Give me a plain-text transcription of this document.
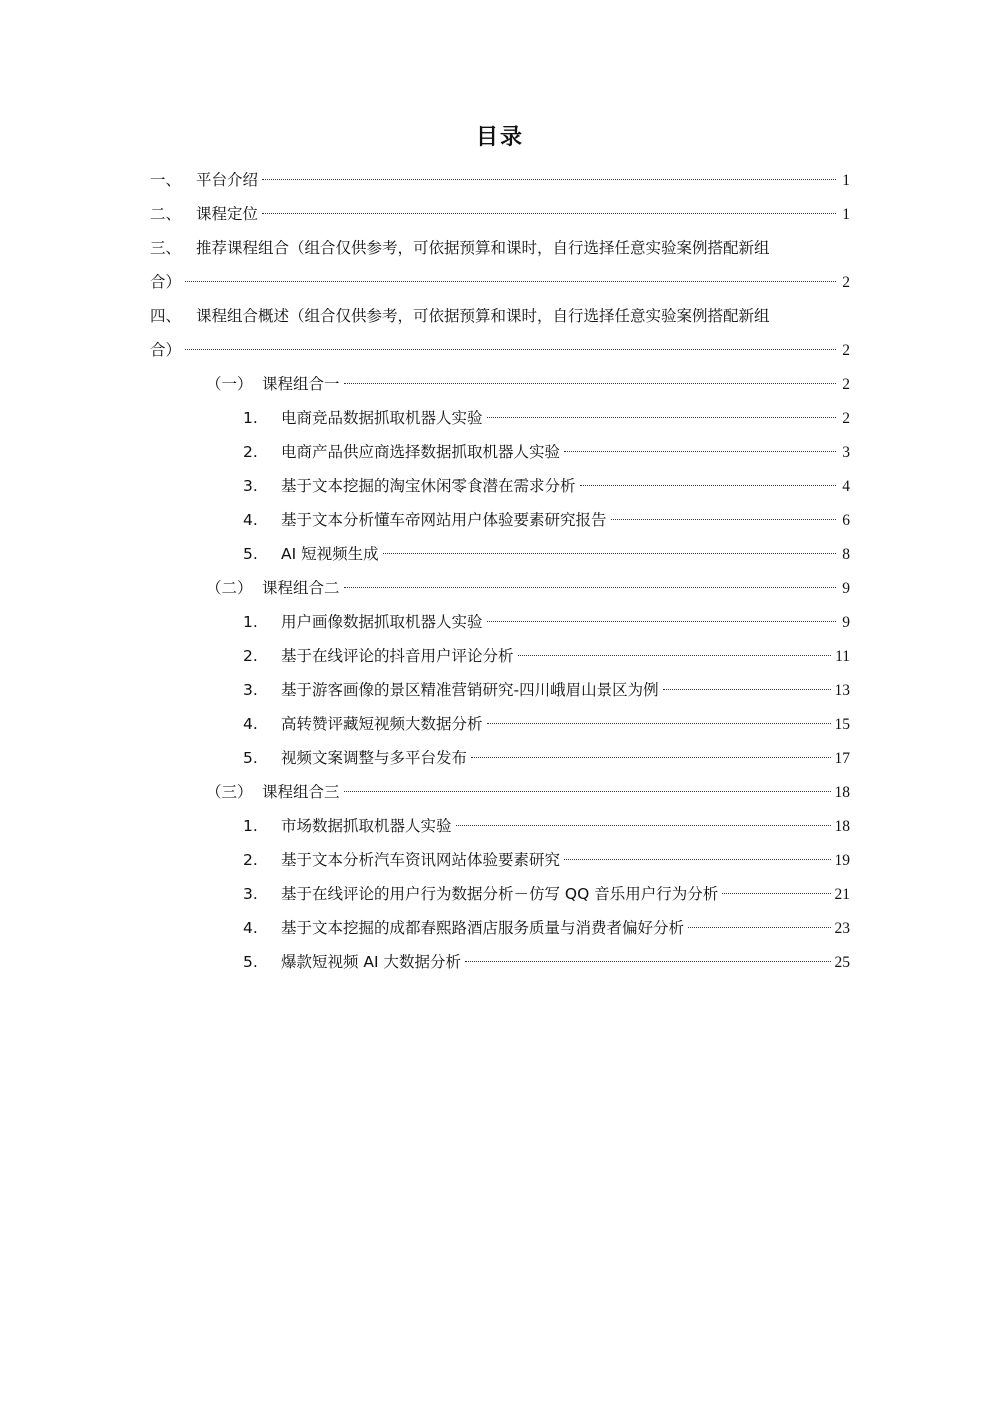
目录
一、 平台介绍	1
二、 课程定位	1
三、 推荐课程组合（组合仅供参考，可依据预算和课时，自行选择任意实验案例搭配新组
合）	2
四、 课程组合概述（组合仅供参考，可依据预算和课时，自行选择任意实验案例搭配新组
合）	2
（一） 课程组合一	2
1.	电商竞品数据抓取机器人实验	2
2.	电商产品供应商选择数据抓取机器人实验	3
3.	基于文本挖掘的淘宝休闲零食潜在需求分析	4
4.	基于文本分析懂车帝网站用户体验要素研究报告	6
5.	AI 短视频生成	8
（二） 课程组合二	9
1.	用户画像数据抓取机器人实验	9
2.	基于在线评论的抖音用户评论分析	11
3.	基于游客画像的景区精准营销研究-四川峨眉山景区为例	13
4.	高转赞评藏短视频大数据分析	15
5.	视频文案调整与多平台发布	17
（三） 课程组合三	18
1.	市场数据抓取机器人实验	18
2.	基于文本分析汽车资讯网站体验要素研究	19
3.	基于在线评论的用户行为数据分析－仿写 QQ 音乐用户行为分析	21
4.	基于文本挖掘的成都春熙路酒店服务质量与消费者偏好分析	23
5.	爆款短视频 AI 大数据分析	25
